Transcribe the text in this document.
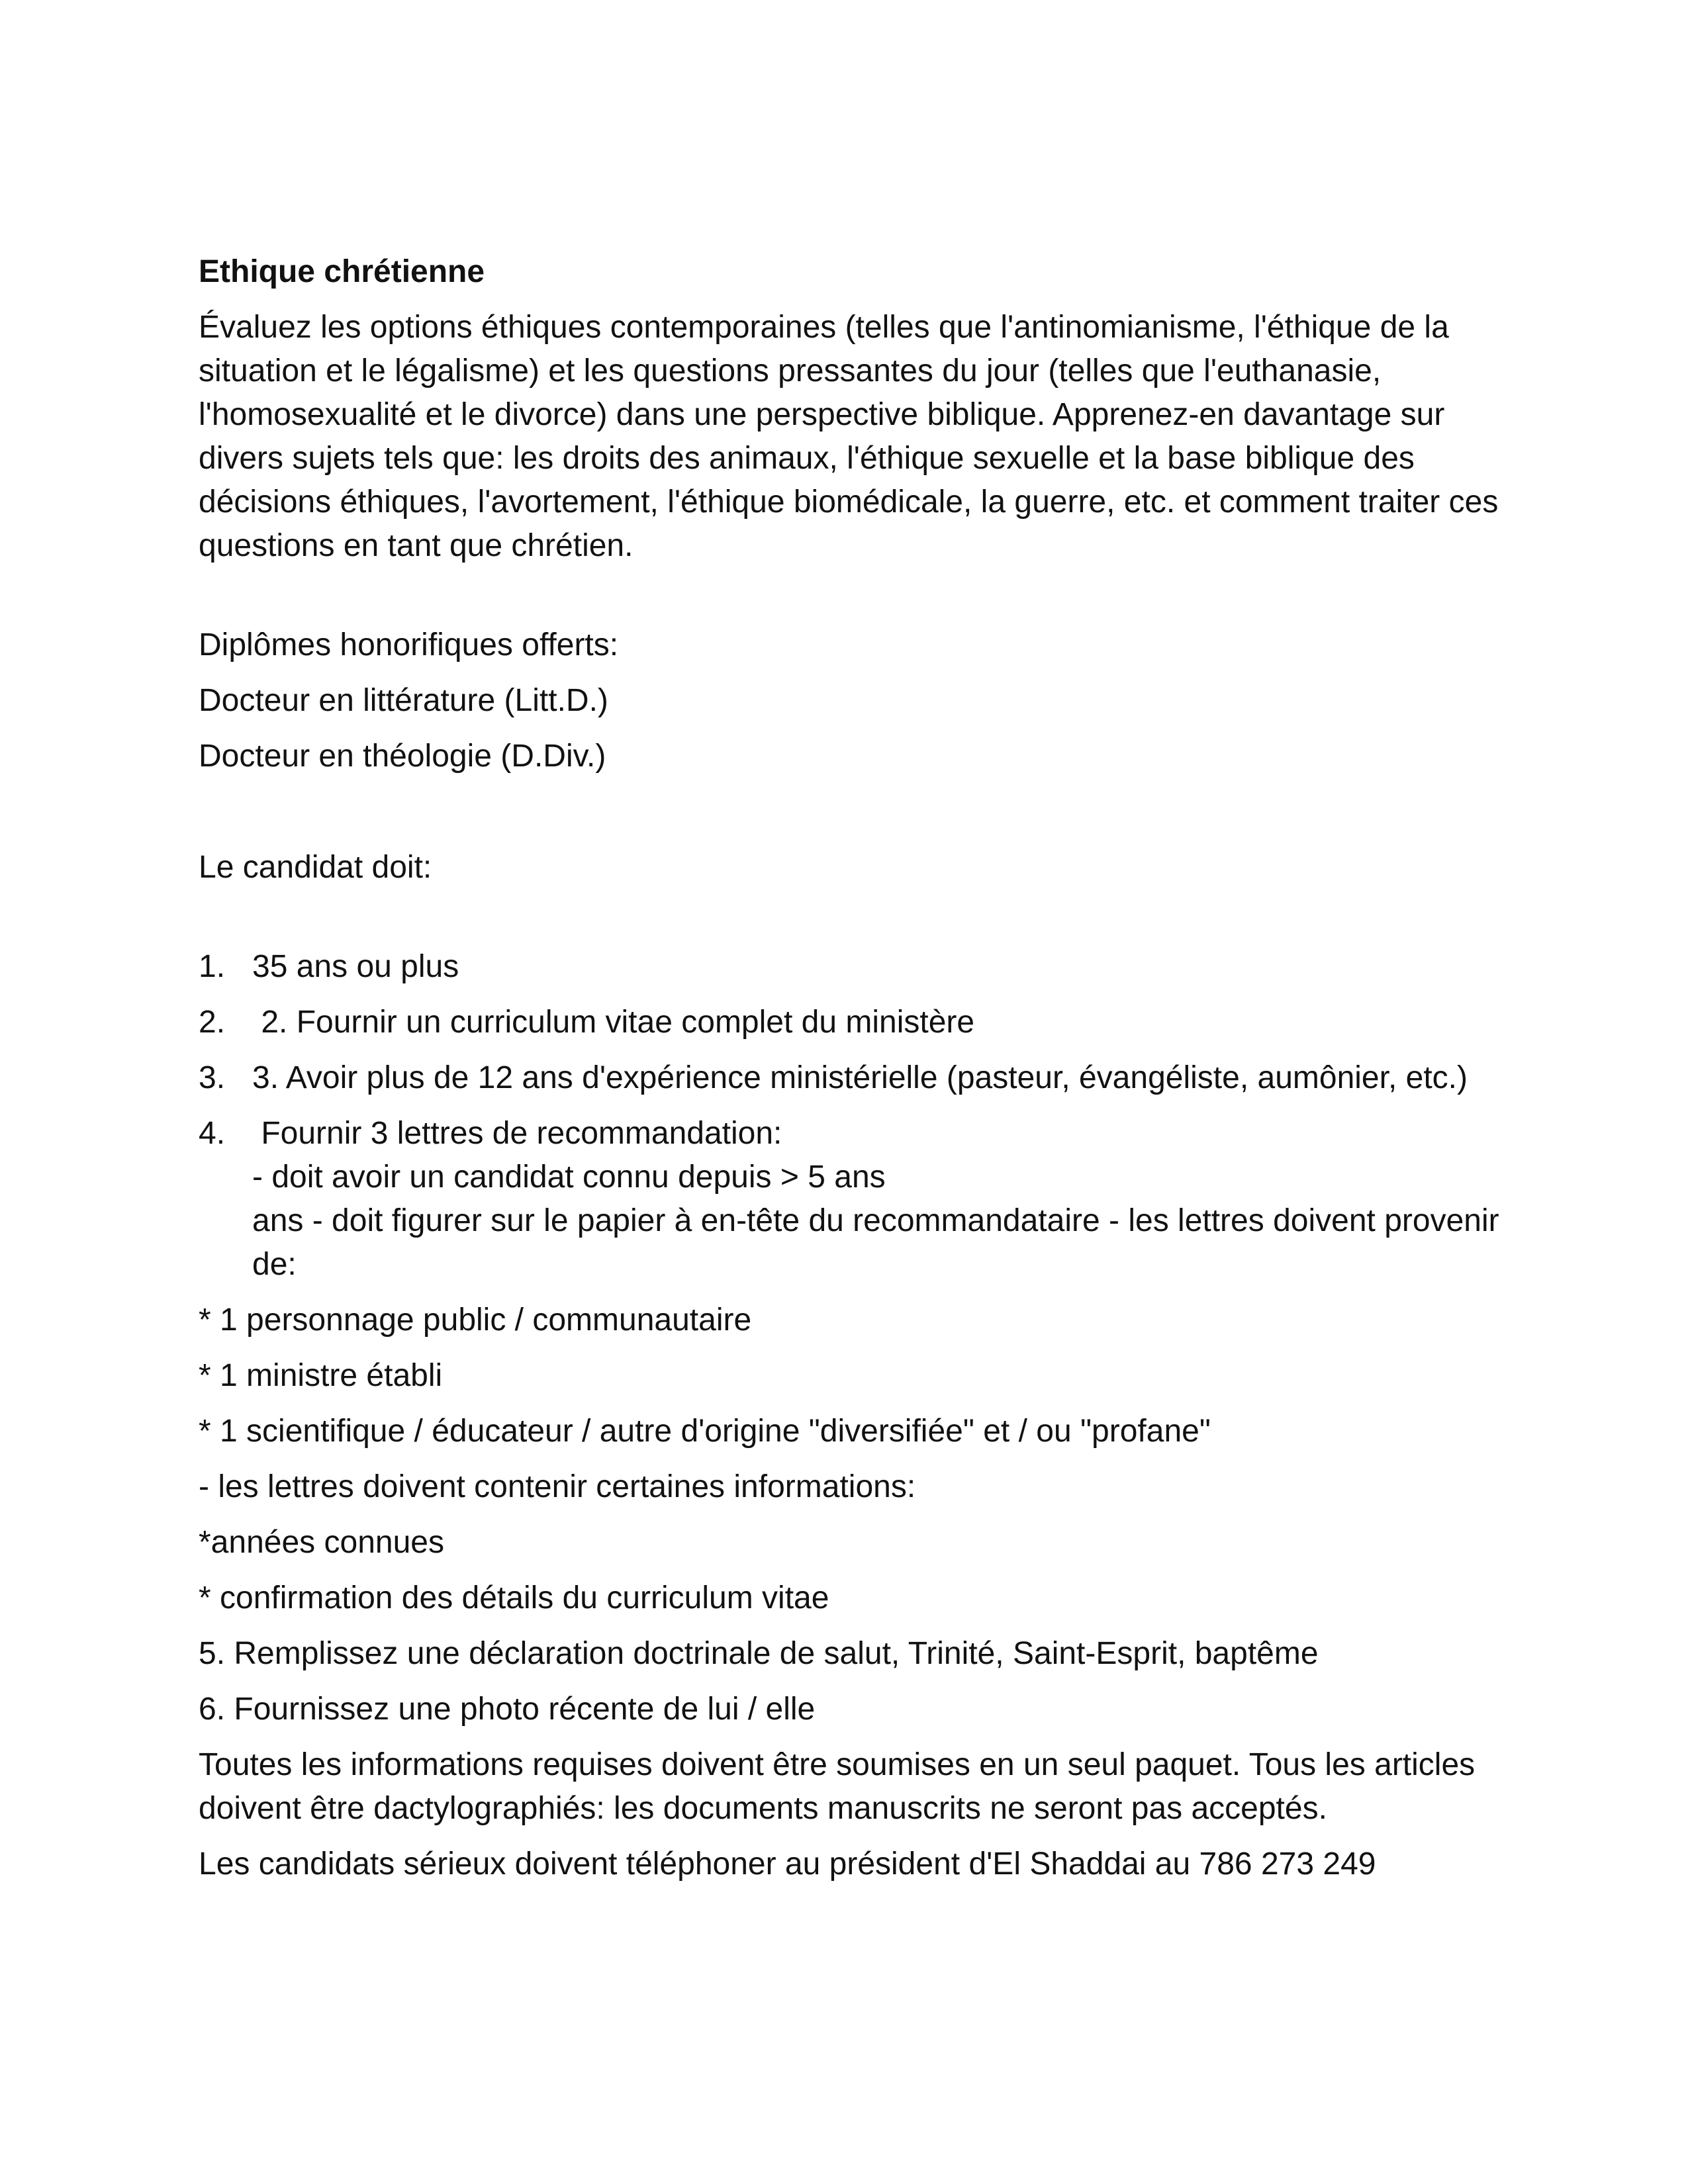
Ethique chrétienne

Évaluez les options éthiques contemporaines (telles que l'antinomianisme, l'éthique de la situation et le légalisme) et les questions pressantes du jour (telles que l'euthanasie, l'homosexualité et le divorce) dans une perspective biblique. Apprenez-en davantage sur divers sujets tels que: les droits des animaux, l'éthique sexuelle et la base biblique des décisions éthiques, l'avortement, l'éthique biomédicale, la guerre, etc. et comment traiter ces questions en tant que chrétien.

Diplômes honorifiques offerts:

Docteur en littérature (Litt.D.)

Docteur en théologie (D.Div.)

Le candidat doit:

1. 35 ans ou plus
2. 2. Fournir un curriculum vitae complet du ministère
3. 3. Avoir plus de 12 ans d'expérience ministérielle (pasteur, évangéliste, aumônier, etc.)
4. Fournir 3 lettres de recommandation:
- doit avoir un candidat connu depuis > 5 ans
ans - doit figurer sur le papier à en-tête du recommandataire - les lettres doivent provenir de:

* 1 personnage public / communautaire

* 1 ministre établi

* 1 scientifique / éducateur / autre d'origine "diversifiée" et / ou "profane"

- les lettres doivent contenir certaines informations:

*années connues

* confirmation des détails du curriculum vitae

5. Remplissez une déclaration doctrinale de salut, Trinité, Saint-Esprit, baptême

6. Fournissez une photo récente de lui / elle

Toutes les informations requises doivent être soumises en un seul paquet. Tous les articles doivent être dactylographiés: les documents manuscrits ne seront pas acceptés.

Les candidats sérieux doivent téléphoner au président d'El Shaddai au 786 273 249
